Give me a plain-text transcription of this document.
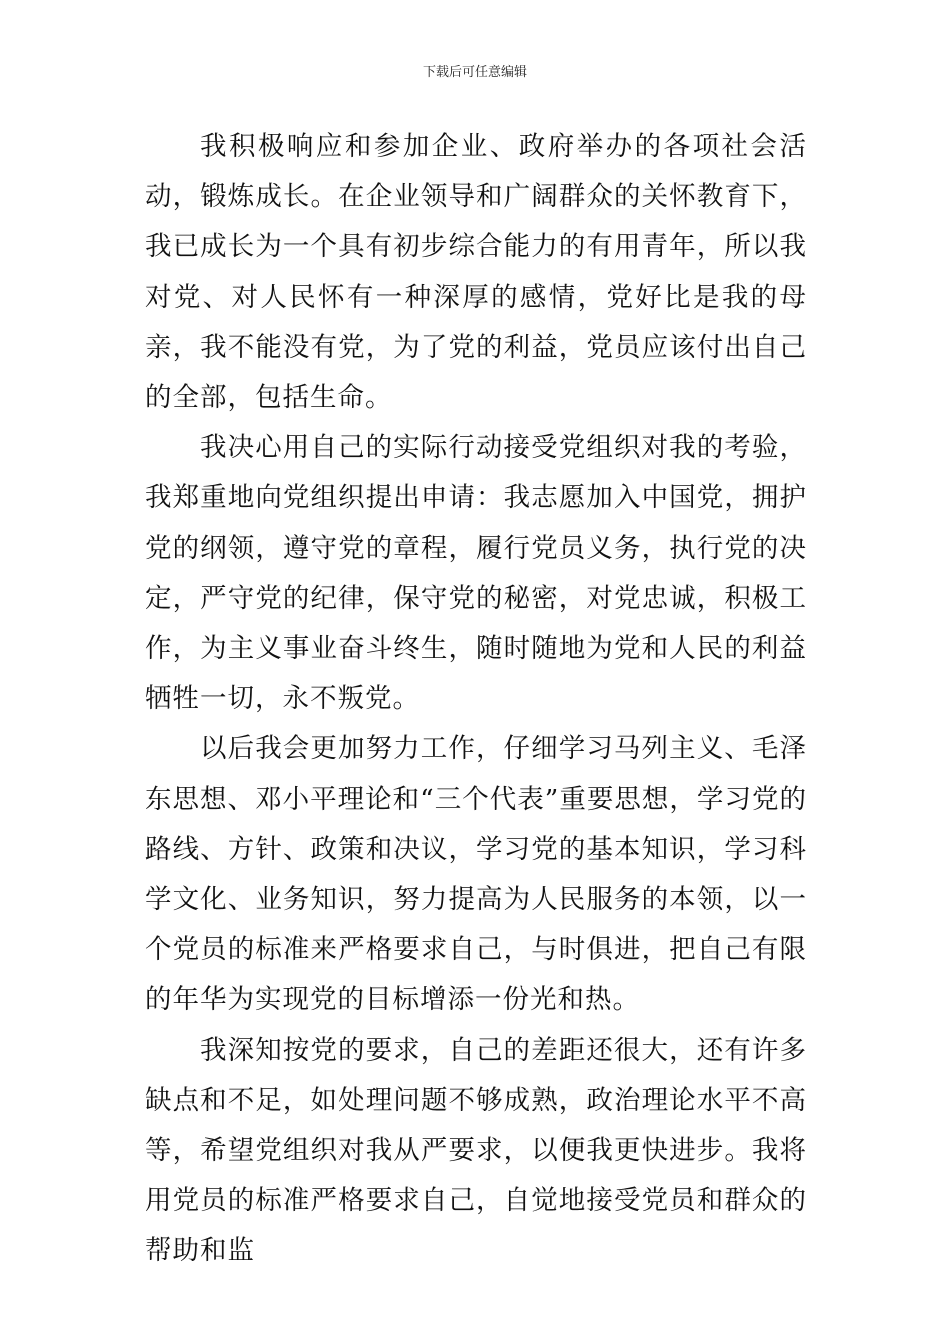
下载后可任意编辑

我积极响应和参加企业、政府举办的各项社会活动，锻炼成长。在企业领导和广阔群众的关怀教育下，我已成长为一个具有初步综合能力的有用青年，所以我对党、对人民怀有一种深厚的感情，党好比是我的母亲，我不能没有党，为了党的利益，党员应该付出自己的全部，包括生命。

我决心用自己的实际行动接受党组织对我的考验，我郑重地向党组织提出申请：我志愿加入中国党，拥护党的纲领，遵守党的章程，履行党员义务，执行党的决定，严守党的纪律，保守党的秘密，对党忠诚，积极工作，为主义事业奋斗终生，随时随地为党和人民的利益牺牲一切，永不叛党。

以后我会更加努力工作，仔细学习马列主义、毛泽东思想、邓小平理论和“三个代表”重要思想，学习党的路线、方针、政策和决议，学习党的基本知识，学习科学文化、业务知识，努力提高为人民服务的本领，以一个党员的标准来严格要求自己，与时俱进，把自己有限的年华为实现党的目标增添一份光和热。

我深知按党的要求，自己的差距还很大，还有许多缺点和不足，如处理问题不够成熟，政治理论水平不高等，希望党组织对我从严要求，以便我更快进步。我将用党员的标准严格要求自己，自觉地接受党员和群众的帮助和监
